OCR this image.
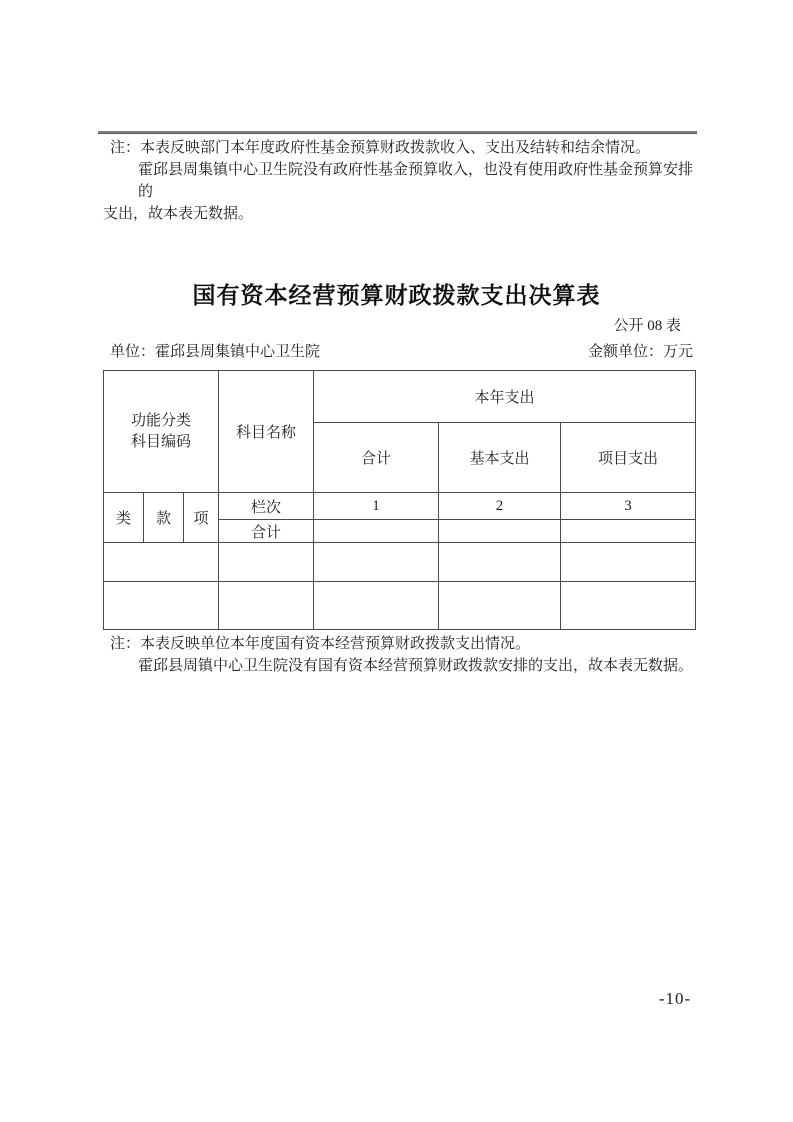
注：本表反映部门本年度政府性基金预算财政拨款收入、支出及结转和结余情况。
霍邱县周集镇中心卫生院没有政府性基金预算收入，也没有使用政府性基金预算安排的
支出，故本表无数据。
国有资本经营预算财政拨款支出决算表
公开 08 表
单位：霍邱县周集镇中心卫生院	金额单位：万元
功能分类
科目编码			科目名称	本年支出		
				合计	基本支出	项目支出
类	款	项	栏次	1	2	3
			合计			

注：本表反映单位本年度国有资本经营预算财政拨款支出情况。
霍邱县周镇中心卫生院没有国有资本经营预算财政拨款安排的支出，故本表无数据。
-10-
